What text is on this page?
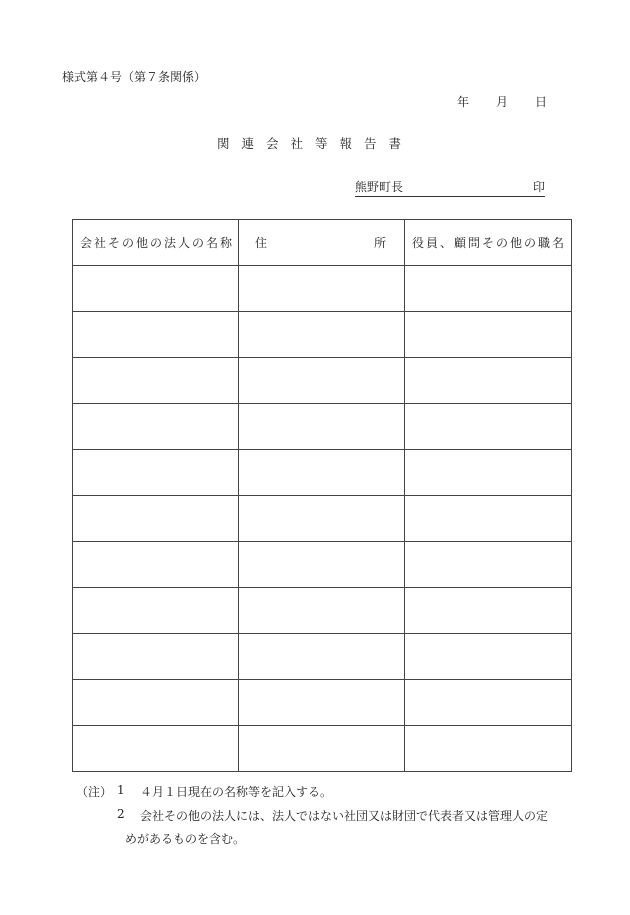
様式第４号（第７条関係）
年 月 日
関連会社等報告書
熊野町長	印
会社その他の法人の名称	住 所	役員、顧問その他の職名

（注） 1 ４月１日現在の名称等を記入する。
2 会社その他の法人には、法人ではない社団又は財団で代表者又は管理人の定
めがあるものを含む。
